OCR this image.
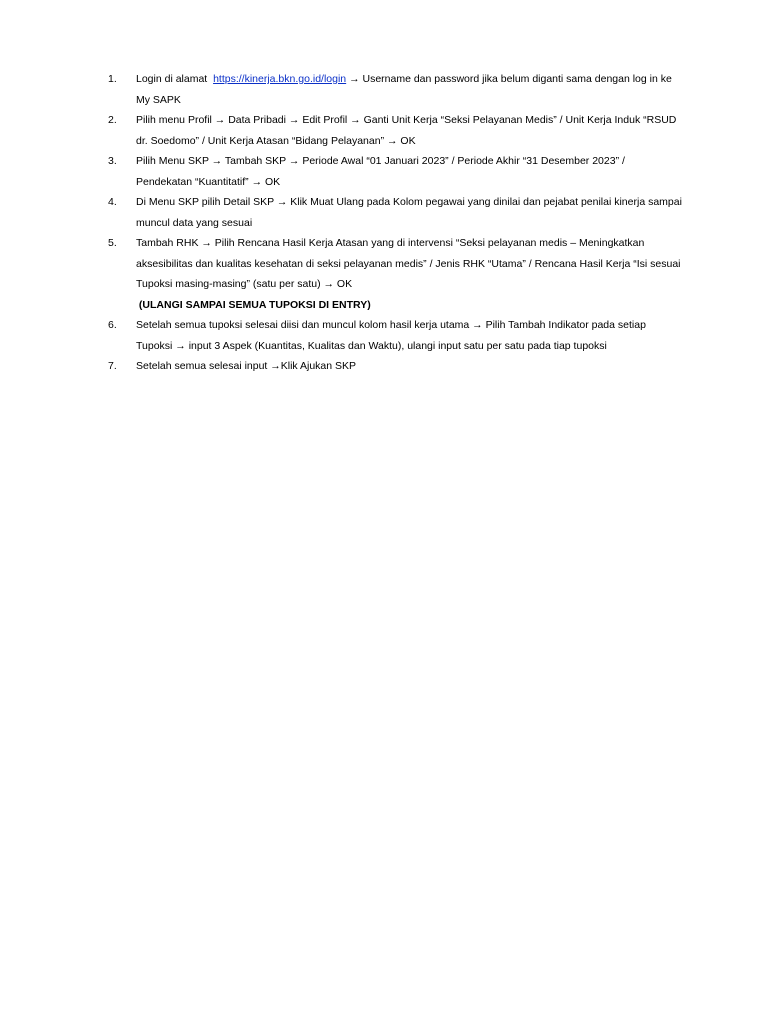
1. Login di alamat  https://kinerja.bkn.go.id/login → Username dan password jika belum diganti sama dengan log in ke My SAPK
2. Pilih menu Profil → Data Pribadi → Edit Profil → Ganti Unit Kerja “Seksi Pelayanan Medis” / Unit Kerja Induk “RSUD dr. Soedomo” / Unit Kerja Atasan “Bidang Pelayanan” → OK
3. Pilih Menu SKP → Tambah SKP → Periode Awal “01 Januari 2023” / Periode Akhir “31 Desember 2023” / Pendekatan “Kuantitatif” → OK
4. Di Menu SKP pilih Detail SKP → Klik Muat Ulang pada Kolom pegawai yang dinilai dan pejabat penilai kinerja sampai muncul data yang sesuai
5. Tambah RHK → Pilih Rencana Hasil Kerja Atasan yang di intervensi “Seksi pelayanan medis – Meningkatkan aksesibilitas dan kualitas kesehatan di seksi pelayanan medis” / Jenis RHK “Utama” / Rencana Hasil Kerja “Isi sesuai Tupoksi masing-masing” (satu per satu) → OK
(ULANGI SAMPAI SEMUA TUPOKSI DI ENTRY)
6. Setelah semua tupoksi selesai diisi dan muncul kolom hasil kerja utama → Pilih Tambah Indikator pada setiap Tupoksi → input 3 Aspek (Kuantitas, Kualitas dan Waktu), ulangi input satu per satu pada tiap tupoksi
7. Setelah semua selesai input →Klik Ajukan SKP
